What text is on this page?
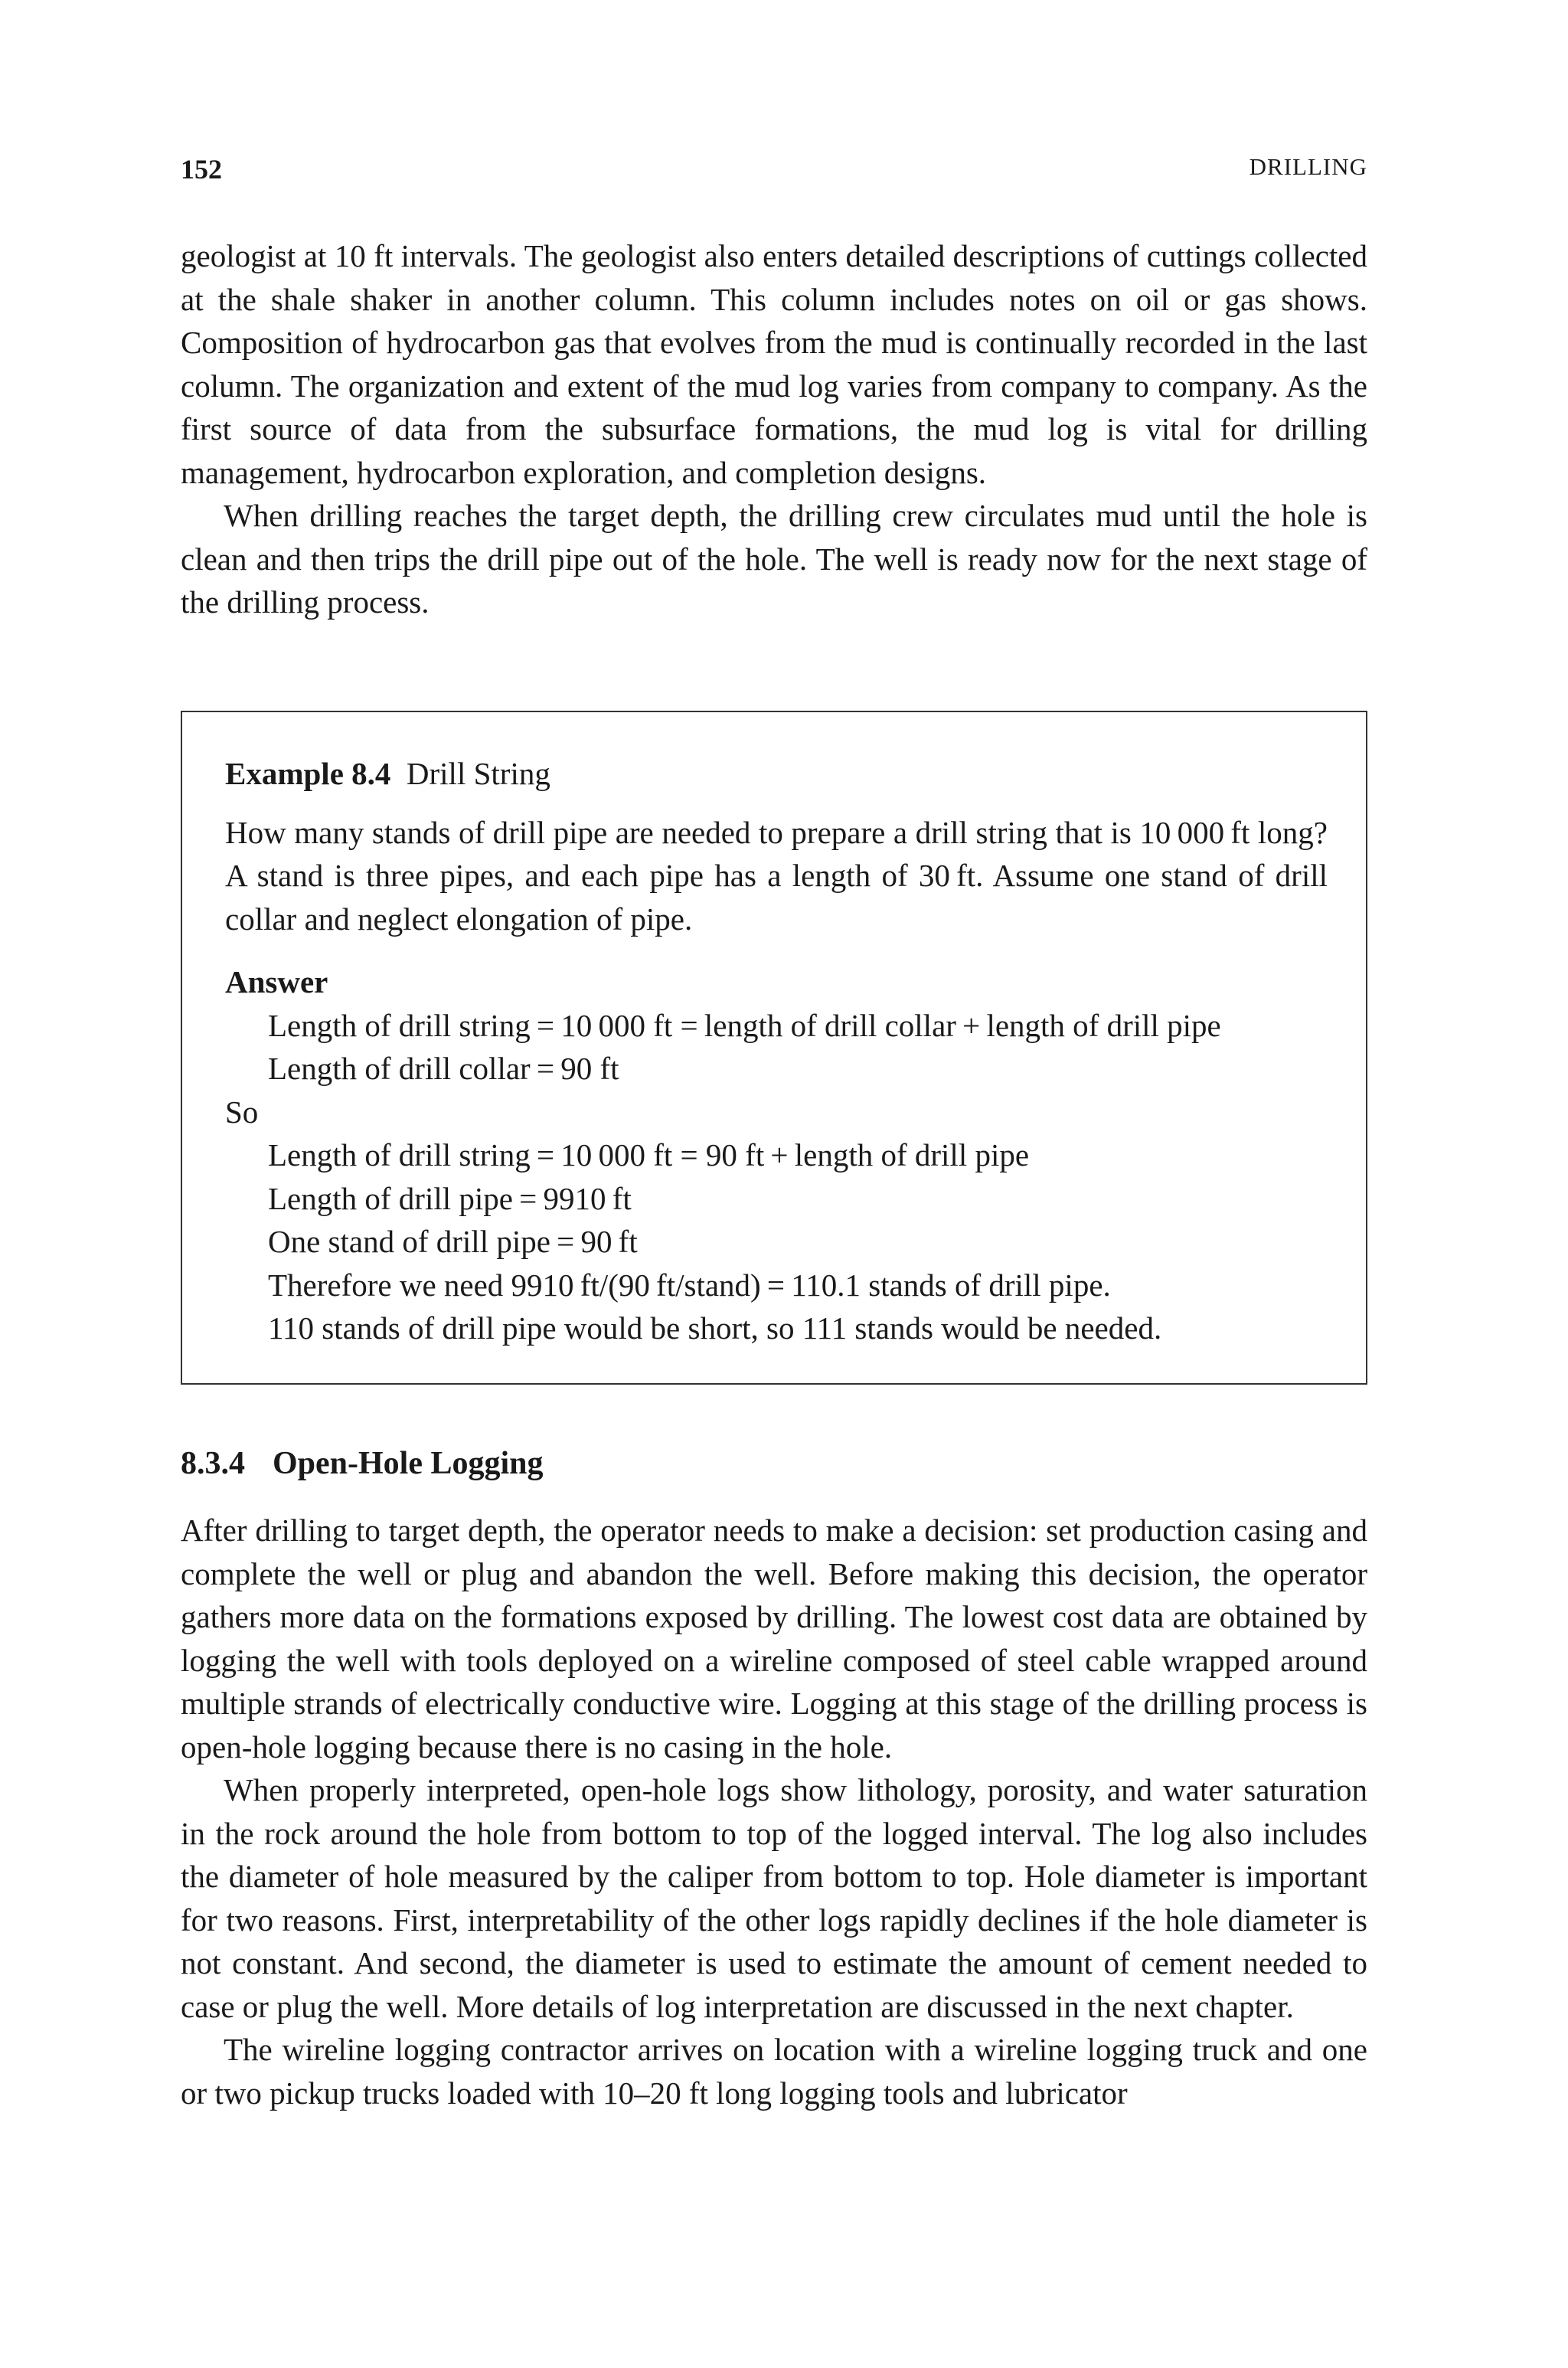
152	DRILLING

geologist at 10 ft intervals. The geologist also enters detailed descriptions of cuttings collected at the shale shaker in another column. This column includes notes on oil or gas shows. Composition of hydrocarbon gas that evolves from the mud is continually recorded in the last column. The organization and extent of the mud log varies from company to company. As the first source of data from the subsurface formations, the mud log is vital for drilling management, hydrocarbon exploration, and completion designs.

When drilling reaches the target depth, the drilling crew circulates mud until the hole is clean and then trips the drill pipe out of the hole. The well is ready now for the next stage of the drilling process.

Example 8.4 Drill String

How many stands of drill pipe are needed to prepare a drill string that is 10 000 ft long? A stand is three pipes, and each pipe has a length of 30 ft. Assume one stand of drill collar and neglect elongation of pipe.

Answer

Length of drill string = 10 000 ft = length of drill collar + length of drill pipe

Length of drill collar = 90 ft

So

Length of drill string = 10 000 ft = 90 ft + length of drill pipe

Length of drill pipe = 9910 ft

One stand of drill pipe = 90 ft

Therefore we need 9910 ft/(90 ft/stand) = 110.1 stands of drill pipe.

110 stands of drill pipe would be short, so 111 stands would be needed.

8.3.4 Open-Hole Logging

After drilling to target depth, the operator needs to make a decision: set production casing and complete the well or plug and abandon the well. Before making this decision, the operator gathers more data on the formations exposed by drilling. The lowest cost data are obtained by logging the well with tools deployed on a wireline composed of steel cable wrapped around multiple strands of electrically conductive wire. Logging at this stage of the drilling process is open-hole logging because there is no casing in the hole.

When properly interpreted, open-hole logs show lithology, porosity, and water saturation in the rock around the hole from bottom to top of the logged interval. The log also includes the diameter of hole measured by the caliper from bottom to top. Hole diameter is important for two reasons. First, interpretability of the other logs rapidly declines if the hole diameter is not constant. And second, the diameter is used to estimate the amount of cement needed to case or plug the well. More details of log interpretation are discussed in the next chapter.

The wireline logging contractor arrives on location with a wireline logging truck and one or two pickup trucks loaded with 10–20 ft long logging tools and lubricator
